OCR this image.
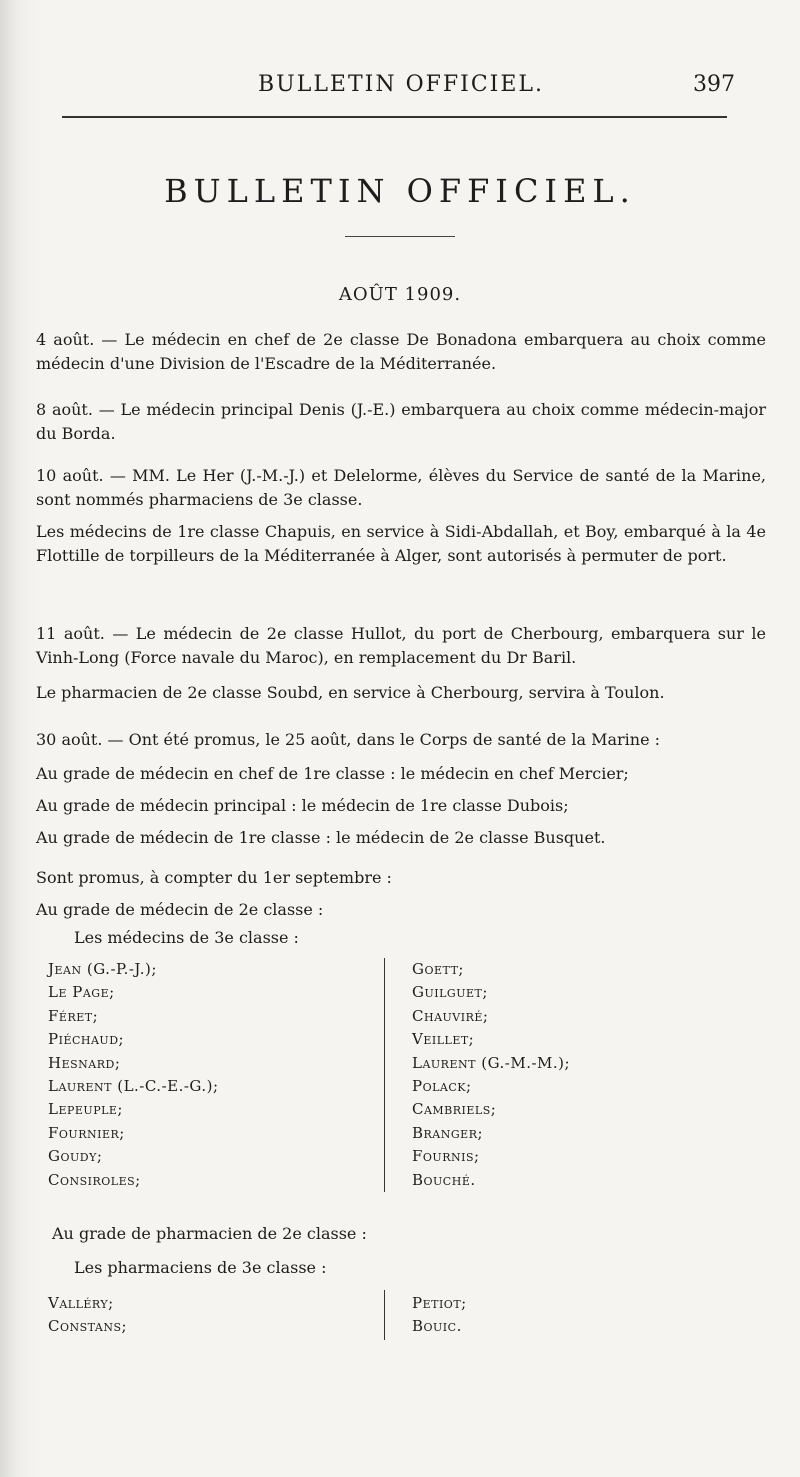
BULLETIN OFFICIEL.	397
BULLETIN OFFICIEL.
AOÛT 1909.
4 août. — Le médecin en chef de 2e classe De Bonadona embarquera au choix comme médecin d'une Division de l'Escadre de la Méditerranée.
8 août. — Le médecin principal Denis (J.-E.) embarquera au choix comme médecin-major du Borda.
10 août. — MM. Le Her (J.-M.-J.) et Delelorme, élèves du Service de santé de la Marine, sont nommés pharmaciens de 3e classe.
Les médecins de 1re classe Chapuis, en service à Sidi-Abdallah, et Boy, embarqué à la 4e Flottille de torpilleurs de la Méditerranée à Alger, sont autorisés à permuter de port.
11 août. — Le médecin de 2e classe Hullot, du port de Cherbourg, embarquera sur le Vinh-Long (Force navale du Maroc), en remplacement du Dr Baril.
Le pharmacien de 2e classe Soubd, en service à Cherbourg, servira à Toulon.
30 août. — Ont été promus, le 25 août, dans le Corps de santé de la Marine :
Au grade de médecin en chef de 1re classe : le médecin en chef Mercier;
Au grade de médecin principal : le médecin de 1re classe Dubois;
Au grade de médecin de 1re classe : le médecin de 2e classe Busquet.
Sont promus, à compter du 1er septembre :
Au grade de médecin de 2e classe :
Les médecins de 3e classe :
Jean (G.-P.-J.);
Le Page;
Féret;
Piéchaud;
Hesnard;
Laurent (L.-C.-E.-G.);
Lepeuple;
Fournier;
Goudy;
Consiroles;
Goett;
Guilguet;
Chauviré;
Veillet;
Laurent (G.-M.-M.);
Polack;
Cambriels;
Branger;
Fournis;
Bouché.
Au grade de pharmacien de 2e classe :
Les pharmaciens de 3e classe :
Valléry;
Constans;
Petiot;
Bouic.
